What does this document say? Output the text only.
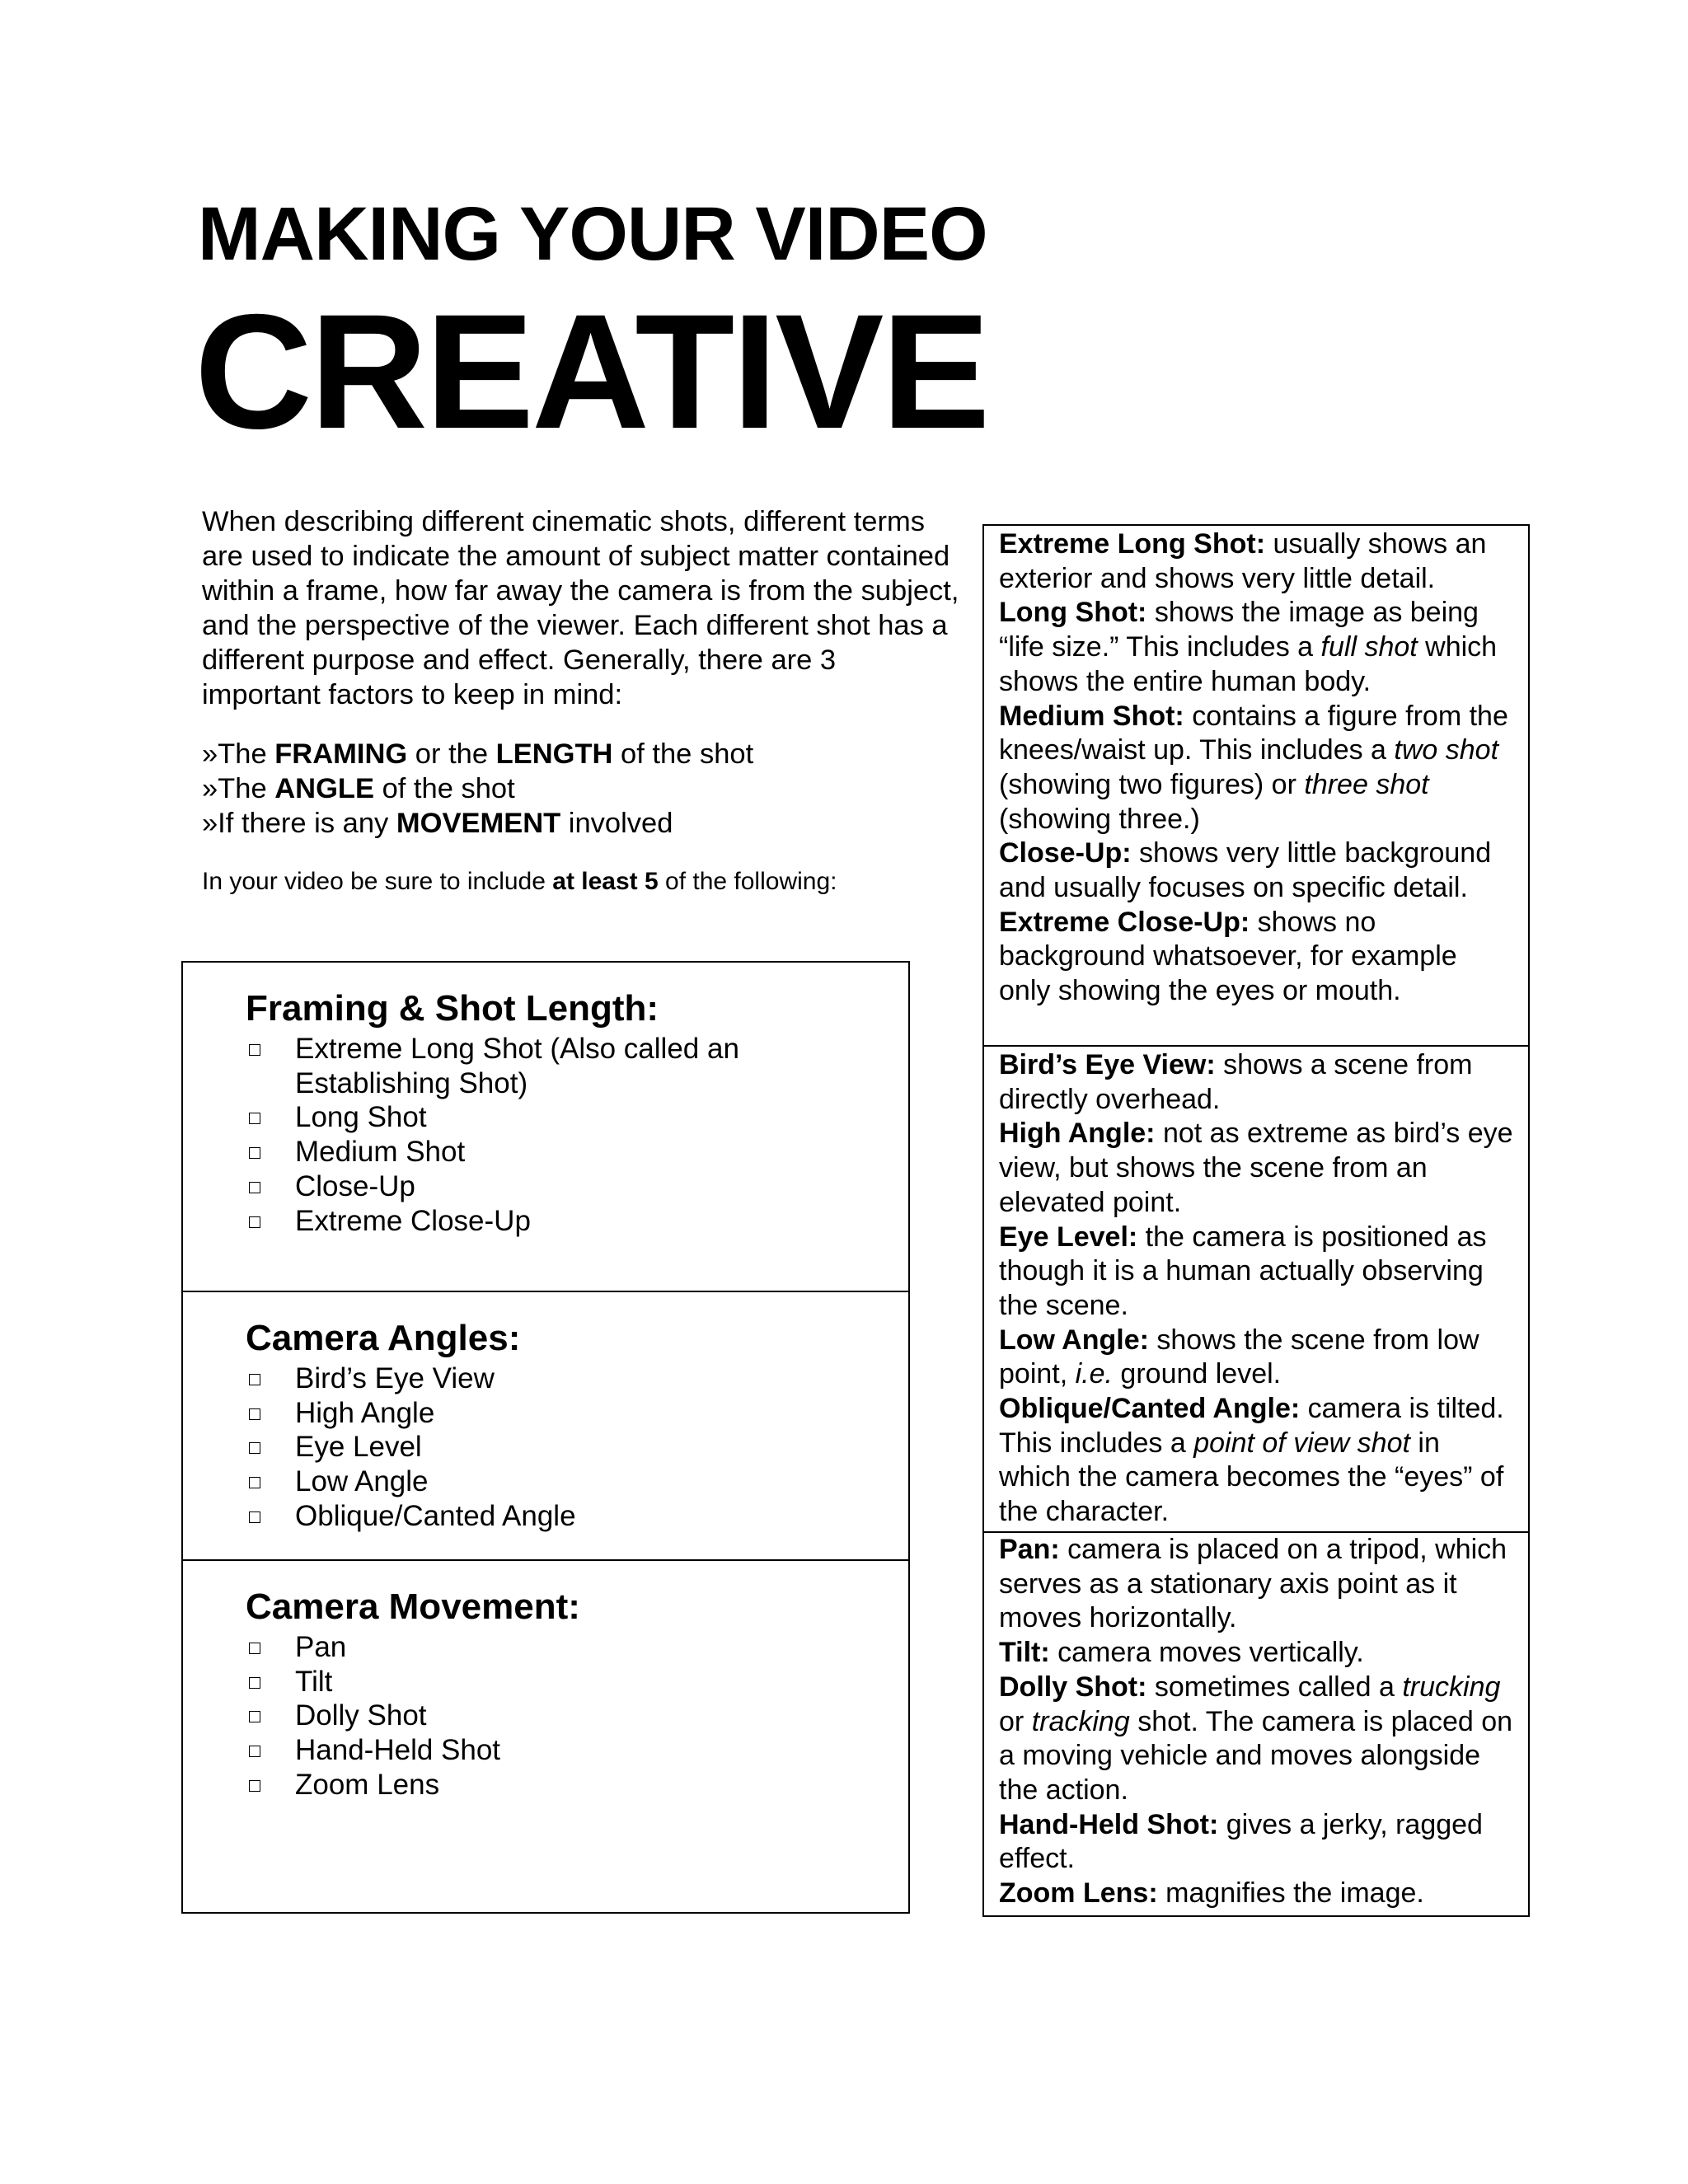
MAKING YOUR VIDEO
CREATIVE

When describing different cinematic shots, different terms are used to indicate the amount of subject matter contained within a frame, how far away the camera is from the subject, and the perspective of the viewer. Each different shot has a different purpose and effect. Generally, there are 3 important factors to keep in mind:

»The FRAMING or the LENGTH of the shot
»The ANGLE of the shot
»If there is any MOVEMENT involved
In your video be sure to include at least 5 of the following:
Framing & Shot Length:
Extreme Long Shot (Also called an Establishing Shot)
Long Shot
Medium Shot
Close-Up
Extreme Close-Up
Camera Angles:
Bird’s Eye View
High Angle
Eye Level
Low Angle
Oblique/Canted Angle
Camera Movement:
Pan
Tilt
Dolly Shot
Hand-Held Shot
Zoom Lens

Extreme Long Shot: usually shows an exterior and shows very little detail.

Long Shot: shows the image as being “life size.” This includes a full shot which shows the entire human body.

Medium Shot: contains a figure from the knees/waist up. This includes a two shot (showing two figures) or three shot (showing three.)

Close-Up: shows very little background and usually focuses on specific detail.

Extreme Close-Up: shows no background whatsoever, for example only showing the eyes or mouth.

Bird’s Eye View: shows a scene from directly overhead.

High Angle: not as extreme as bird’s eye view, but shows the scene from an elevated point.

Eye Level: the camera is positioned as though it is a human actually observing the scene.

Low Angle: shows the scene from low point, i.e. ground level.

Oblique/Canted Angle: camera is tilted. This includes a point of view shot in which the camera becomes the “eyes” of the character.

Pan: camera is placed on a tripod, which serves as a stationary axis point as it moves horizontally.

Tilt: camera moves vertically.

Dolly Shot: sometimes called a trucking or tracking shot. The camera is placed on a moving vehicle and moves alongside the action.

Hand-Held Shot: gives a jerky, ragged effect.

Zoom Lens: magnifies the image.
